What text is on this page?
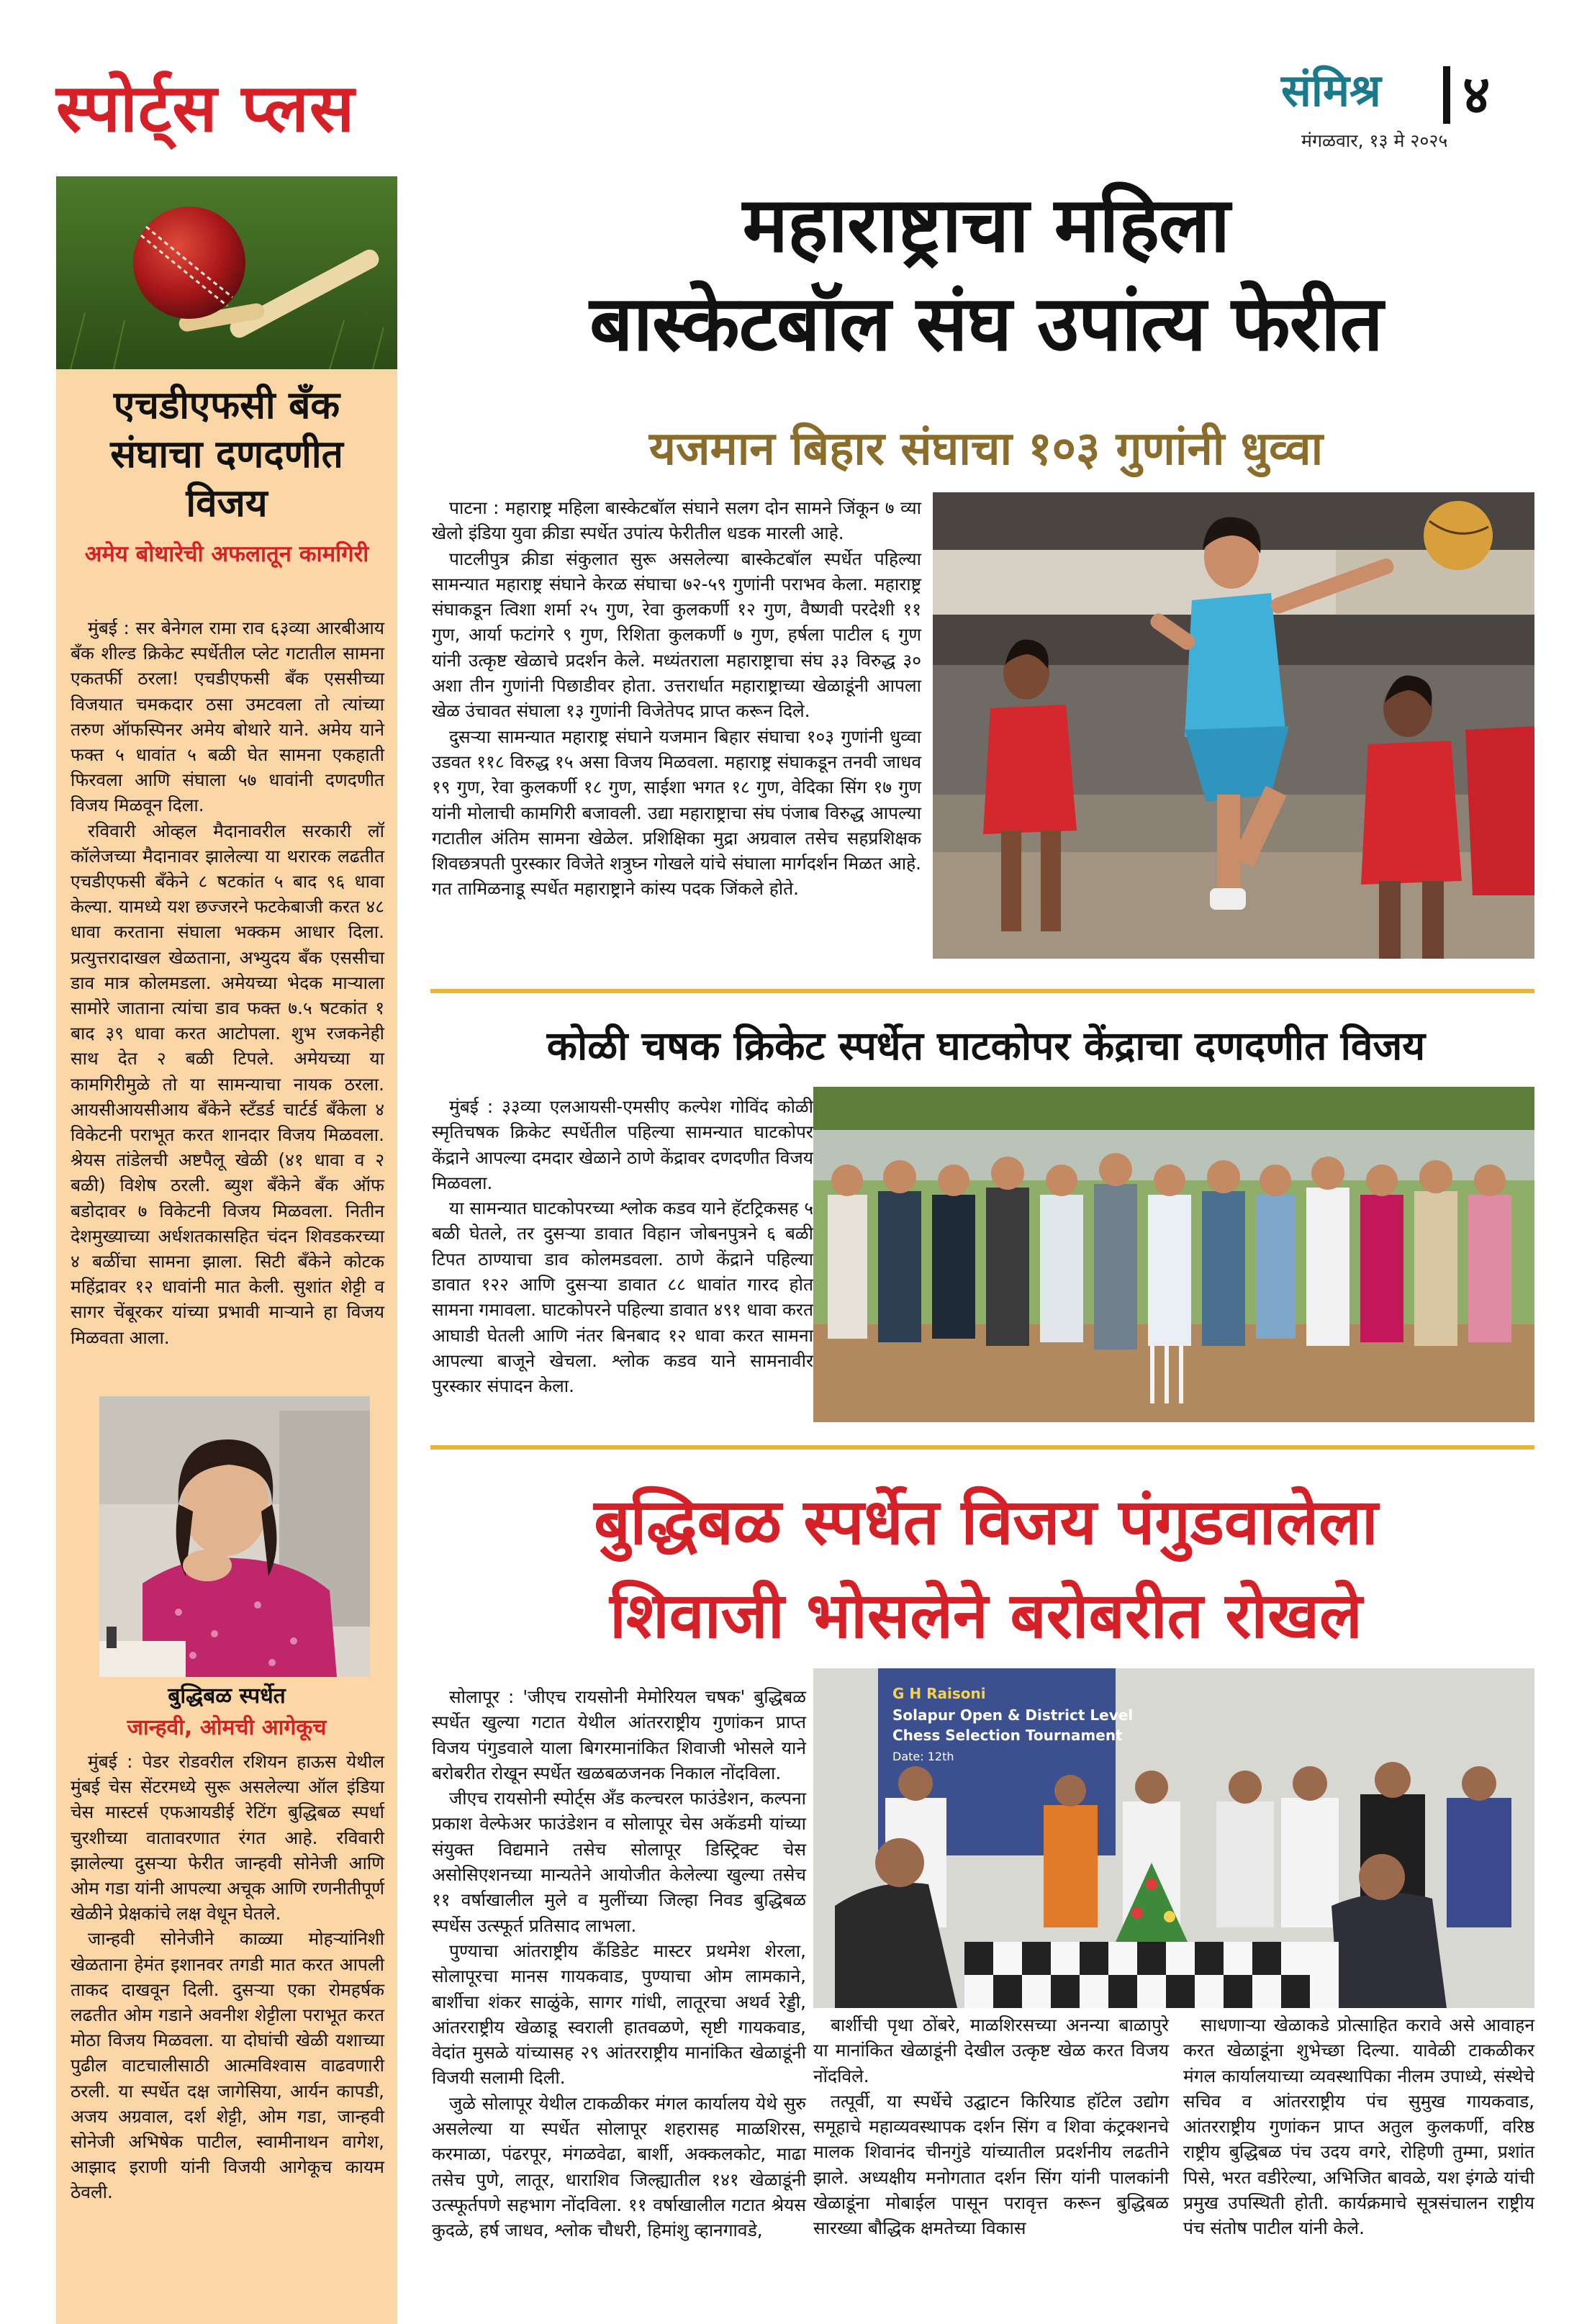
स्पोर्ट्स प्लस	संमिश्र ४
मंगळवार, १३ मे २०२५
एचडीएफसी बँक संघाचा दणदणीत विजय
अमेय बोथारेची अफलातून कामगिरी

मुंबई : सर बेनेगल रामा राव ६३व्या आरबीआय बँक शील्ड क्रिकेट स्पर्धेतील प्लेट गटातील सामना एकतर्फी ठरला! एचडीएफसी बँक एससीच्या विजयात चमकदार ठसा उमटवला तो त्यांच्या तरुण ऑफस्पिनर अमेय बोथारे याने. अमेय याने फक्त ५ धावांत ५ बळी घेत सामना एकहाती फिरवला आणि संघाला ५७ धावांनी दणदणीत विजय मिळवून दिला.

रविवारी ओव्हल मैदानावरील सरकारी लॉ कॉलेजच्या मैदानावर झालेल्या या थरारक लढतीत एचडीएफसी बँकेने ८ षटकांत ५ बाद ९६ धावा केल्या. यामध्ये यश छज्जरने फटकेबाजी करत ४८ धावा करताना संघाला भक्कम आधार दिला. प्रत्युत्तरादाखल खेळताना, अभ्युदय बँक एससीचा डाव मात्र कोलमडला. अमेयच्या भेदक माऱ्याला सामोरे जाताना त्यांचा डाव फक्त ७.५ षटकांत १ बाद ३९ धावा करत आटोपला. शुभ रजकनेही साथ देत २ बळी टिपले. अमेयच्या या कामगिरीमुळे तो या सामन्याचा नायक ठरला. आयसीआयसीआय बँकेने स्टँडर्ड चार्टर्ड बँकेला ४ विकेटनी पराभूत करत शानदार विजय मिळवला. श्रेयस तांडेलची अष्टपैलू खेळी (४१ धावा व २ बळी) विशेष ठरली. ब्युश बँकेने बँक ऑफ बडोदावर ७ विकेटनी विजय मिळवला. नितीन देशमुख्याच्या अर्धशतकासहित चंदन शिवडकरच्या ४ बळींचा सामना झाला. सिटी बँकेने कोटक महिंद्रावर १२ धावांनी मात केली. सुशांत शेट्टी व सागर चेंबूरकर यांच्या प्रभावी माऱ्याने हा विजय मिळवता आला.

बुद्धिबळ स्पर्धेत
जान्हवी, ओमची आगेकूच

मुंबई : पेडर रोडवरील रशियन हाऊस येथील मुंबई चेस सेंटरमध्ये सुरू असलेल्या ऑल इंडिया चेस मास्टर्स एफआयडीई रेटिंग बुद्धिबळ स्पर्धा चुरशीच्या वातावरणात रंगत आहे. रविवारी झालेल्या दुसऱ्या फेरीत जान्हवी सोनेजी आणि ओम गडा यांनी आपल्या अचूक आणि रणनीतीपूर्ण खेळीने प्रेक्षकांचे लक्ष वेधून घेतले.

जान्हवी सोनेजीने काळ्या मोहऱ्यांनिशी खेळताना हेमंत इशानवर तगडी मात करत आपली ताकद दाखवून दिली. दुसऱ्या एका रोमहर्षक लढतीत ओम गडाने अवनीश शेट्टीला पराभूत करत मोठा विजय मिळवला. या दोघांची खेळी यशाच्या पुढील वाटचालीसाठी आत्मविश्वास वाढवणारी ठरली. या स्पर्धेत दक्ष जागेसिया, आर्यन कापडी, अजय अग्रवाल, दर्श शेट्टी, ओम गडा, जान्हवी सोनेजी अभिषेक पाटील, स्वामीनाथन वागेश, आझाद इराणी यांनी विजयी आगेकूच कायम ठेवली.

महाराष्ट्राचा महिला
बास्केटबॉल संघ उपांत्य फेरीत
यजमान बिहार संघाचा १०३ गुणांनी धुव्वा

पाटना : महाराष्ट्र महिला बास्केटबॉल संघाने सलग दोन सामने जिंकून ७ व्या खेलो इंडिया युवा क्रीडा स्पर्धेत उपांत्य फेरीतील धडक मारली आहे.

पाटलीपुत्र क्रीडा संकुलात सुरू असलेल्या बास्केटबॉल स्पर्धेत पहिल्या सामन्यात महाराष्ट्र संघाने केरळ संघाचा ७२-५९ गुणांनी पराभव केला. महाराष्ट्र संघाकडून त्विशा शर्मा २५ गुण, रेवा कुलकर्णी १२ गुण, वैष्णवी परदेशी ११ गुण, आर्या फटांगरे ९ गुण, रिशिता कुलकर्णी ७ गुण, हर्षला पाटील ६ गुण यांनी उत्कृष्ट खेळाचे प्रदर्शन केले. मध्यंतराला महाराष्ट्राचा संघ ३३ विरुद्ध ३० अशा तीन गुणांनी पिछाडीवर होता. उत्तरार्धात महाराष्ट्राच्या खेळाडूंनी आपला खेळ उंचावत संघाला १३ गुणांनी विजेतेपद प्राप्त करून दिले.

दुसऱ्या सामन्यात महाराष्ट्र संघाने यजमान बिहार संघाचा १०३ गुणांनी धुव्वा उडवत ११८ विरुद्ध १५ असा विजय मिळवला. महाराष्ट्र संघाकडून तनवी जाधव १९ गुण, रेवा कुलकर्णी १८ गुण, साईशा भगत १८ गुण, वेदिका सिंग १७ गुण यांनी मोलाची कामगिरी बजावली. उद्या महाराष्ट्राचा संघ पंजाब विरुद्ध आपल्या गटातील अंतिम सामना खेळेल. प्रशिक्षिका मुद्रा अग्रवाल तसेच सहप्रशिक्षक शिवछत्रपती पुरस्कार विजेते शत्रुघ्न गोखले यांचे संघाला मार्गदर्शन मिळत आहे. गत तामिळनाडू स्पर्धेत महाराष्ट्राने कांस्य पदक जिंकले होते.

कोळी चषक क्रिकेट स्पर्धेत घाटकोपर केंद्राचा दणदणीत विजय

मुंबई : ३३व्या एलआयसी-एमसीए कल्पेश गोविंद कोळी स्मृतिचषक क्रिकेट स्पर्धेतील पहिल्या सामन्यात घाटकोपर केंद्राने आपल्या दमदार खेळाने ठाणे केंद्रावर दणदणीत विजय मिळवला.

या सामन्यात घाटकोपरच्या श्लोक कडव याने हॅटट्रिकसह ५ बळी घेतले, तर दुसऱ्या डावात विहान जोबनपुत्रने ६ बळी टिपत ठाण्याचा डाव कोलमडवला. ठाणे केंद्राने पहिल्या डावात १२२ आणि दुसऱ्या डावात ८८ धावांत गारद होत सामना गमावला. घाटकोपरने पहिल्या डावात ४९१ धावा करत आघाडी घेतली आणि नंतर बिनबाद १२ धावा करत सामना आपल्या बाजूने खेचला. श्लोक कडव याने सामनावीर पुरस्कार संपादन केला.

बुद्धिबळ स्पर्धेत विजय पंगुडवालेला
शिवाजी भोसलेने बरोबरीत रोखले

सोलापूर : 'जीएच रायसोनी मेमोरियल चषक' बुद्धिबळ स्पर्धेत खुल्या गटात येथील आंतरराष्ट्रीय गुणांकन प्राप्त विजय पंगुडवाले याला बिगरमानांकित शिवाजी भोसले याने बरोबरीत रोखून स्पर्धेत खळबळजनक निकाल नोंदविला.

जीएच रायसोनी स्पोर्ट्स अँड कल्चरल फाउंडेशन, कल्पना प्रकाश वेल्फेअर फाउंडेशन व सोलापूर चेस अकॅडमी यांच्या संयुक्त विद्यमाने तसेच सोलापूर डिस्ट्रिक्ट चेस असोसिएशनच्या मान्यतेने आयोजीत केलेल्या खुल्या तसेच ११ वर्षाखालील मुले व मुलींच्या जिल्हा निवड बुद्धिबळ स्पर्धेस उत्स्फूर्त प्रतिसाद लाभला.

पुण्याचा आंतराष्ट्रीय कँडिडेट मास्टर प्रथमेश शेरला, सोलापूरचा मानस गायकवाड, पुण्याचा ओम लामकाने, बार्शीचा शंकर साळुंके, सागर गांधी, लातूरचा अथर्व रेड्डी, आंतरराष्ट्रीय खेळाडू स्वराली हातवळणे, सृष्टी गायकवाड, वेदांत मुसळे यांच्यासह २९ आंतरराष्ट्रीय मानांकित खेळाडूंनी विजयी सलामी दिली.

जुळे सोलापूर येथील टाकळीकर मंगल कार्यालय येथे सुरु असलेल्या या स्पर्धेत सोलापूर शहरासह माळशिरस, करमाळा, पंढरपूर, मंगळवेढा, बार्शी, अक्कलकोट, माढा तसेच पुणे, लातूर, धाराशिव जिल्ह्यातील १४१ खेळाडूंनी उत्स्फूर्तपणे सहभाग नोंदविला. ११ वर्षाखालील गटात श्रेयस कुदळे, हर्ष जाधव, श्लोक चौधरी, हिमांशु व्हानगावडे,

G H Raisoni
Solapur Open & District Level
Chess Selection Tournament
Date: 12th

बार्शीची पृथा ठोंबरे, माळशिरसच्या अनन्या बाळापुरे या मानांकित खेळाडूंनी देखील उत्कृष्ट खेळ करत विजय नोंदविले.

तत्पूर्वी, या स्पर्धेचे उद्घाटन किरियाड हॉटेल उद्योग समूहाचे महाव्यवस्थापक दर्शन सिंग व शिवा कंट्रक्शनचे मालक शिवानंद चीनगुंडे यांच्यातील प्रदर्शनीय लढतीने झाले. अध्यक्षीय मनोगतात दर्शन सिंग यांनी पालकांनी खेळाडूंना मोबाईल पासून परावृत्त करून बुद्धिबळ सारख्या बौद्धिक क्षमतेच्या विकास

साधणाऱ्या खेळाकडे प्रोत्साहित करावे असे आवाहन करत खेळाडूंना शुभेच्छा दिल्या. यावेळी टाकळीकर मंगल कार्यालयाच्या व्यवस्थापिका नीलम उपाध्ये, संस्थेचे सचिव व आंतरराष्ट्रीय पंच सुमुख गायकवाड, आंतरराष्ट्रीय गुणांकन प्राप्त अतुल कुलकर्णी, वरिष्ठ राष्ट्रीय बुद्धिबळ पंच उदय वगरे, रोहिणी तुम्मा, प्रशांत पिसे, भरत वडीरेल्या, अभिजित बावळे, यश इंगळे यांची प्रमुख उपस्थिती होती. कार्यक्रमाचे सूत्रसंचालन राष्ट्रीय पंच संतोष पाटील यांनी केले.
